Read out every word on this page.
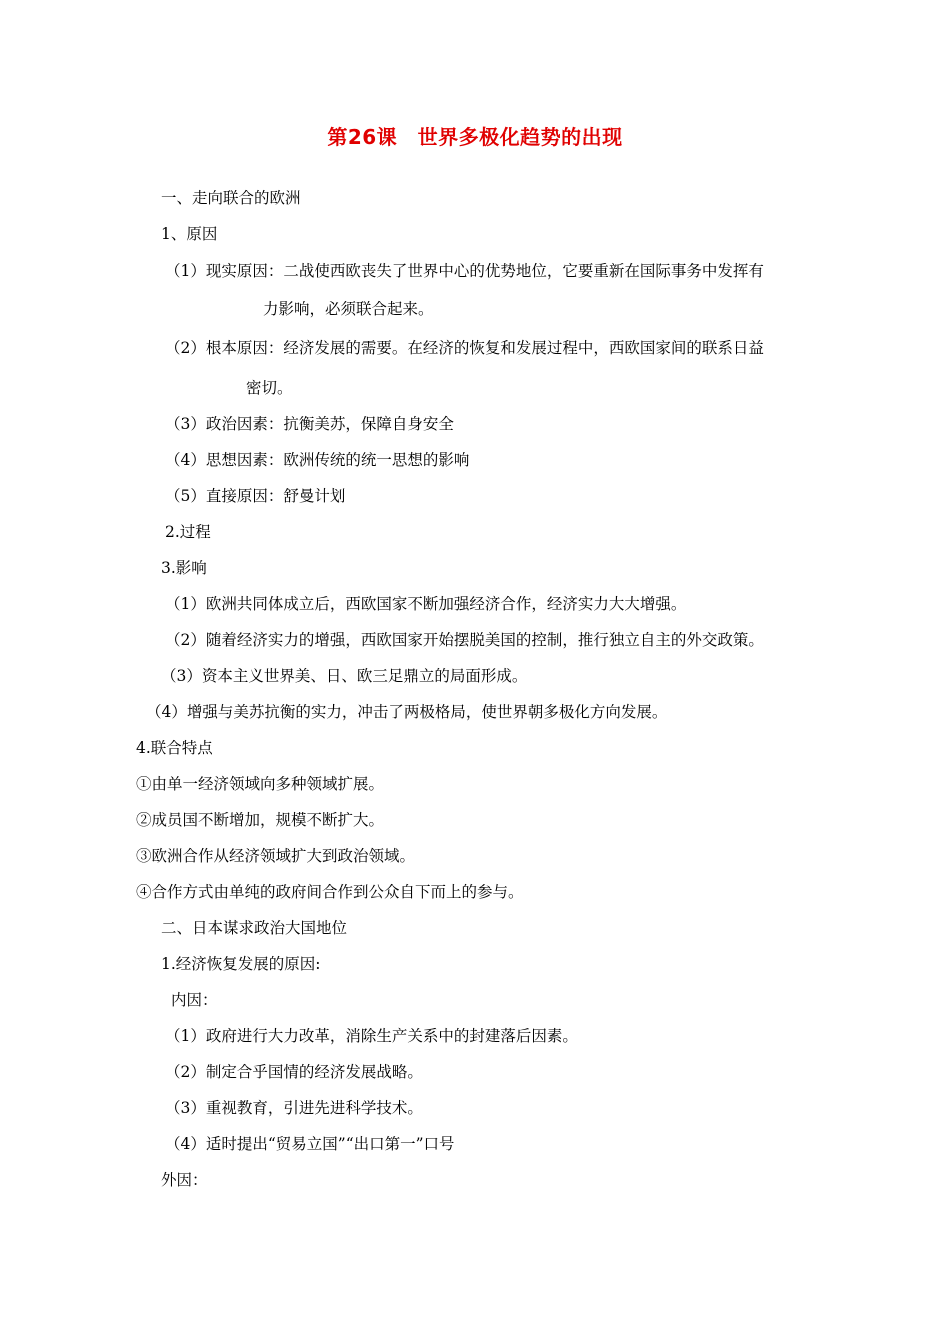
第26课　世界多极化趋势的出现
一、走向联合的欧洲
1、原因
（1）现实原因：二战使西欧丧失了世界中心的优势地位，它要重新在国际事务中发挥有
力影响，必须联合起来。
（2）根本原因：经济发展的需要。在经济的恢复和发展过程中，西欧国家间的联系日益
密切。
（3）政治因素：抗衡美苏，保障自身安全
（4）思想因素：欧洲传统的统一思想的影响
（5）直接原因：舒曼计划
2.过程
3.影响
（1）欧洲共同体成立后，西欧国家不断加强经济合作，经济实力大大增强。
（2）随着经济实力的增强，西欧国家开始摆脱美国的控制，推行独立自主的外交政策。
（3）资本主义世界美、日、欧三足鼎立的局面形成。
（4）增强与美苏抗衡的实力，冲击了两极格局，使世界朝多极化方向发展。
4.联合特点
①由单一经济领域向多种领域扩展。
②成员国不断增加，规模不断扩大。
③欧洲合作从经济领域扩大到政治领域。
④合作方式由单纯的政府间合作到公众自下而上的参与。
二、日本谋求政治大国地位
1.经济恢复发展的原因:
内因：
（1）政府进行大力改革，消除生产关系中的封建落后因素。
（2）制定合乎国情的经济发展战略。
（3）重视教育，引进先进科学技术。
（4）适时提出“贸易立国”“出口第一”口号
外因：
